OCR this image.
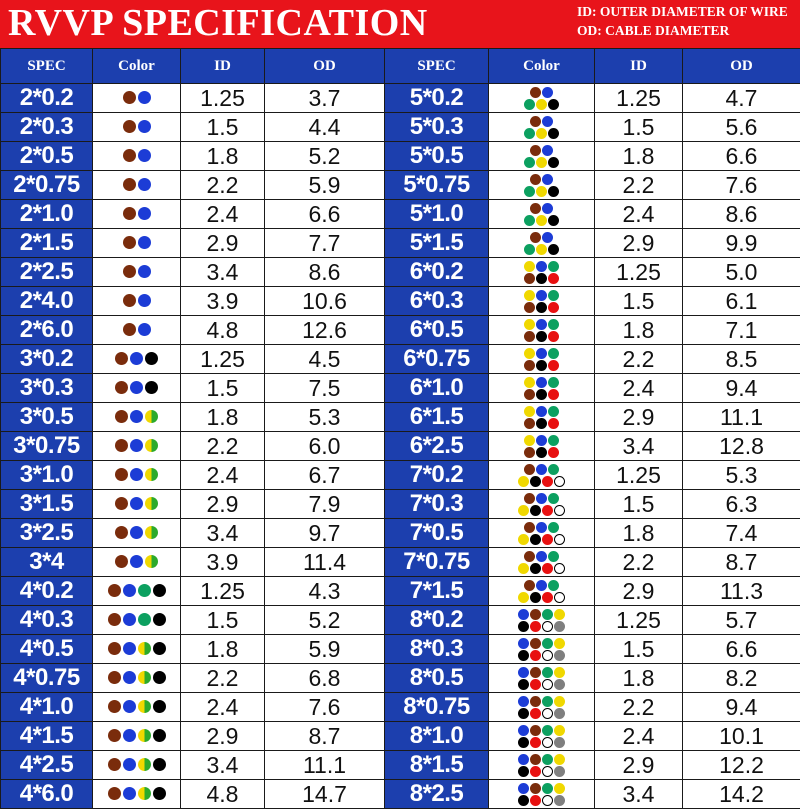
RVVP SPECIFICATION	ID: OUTER DIAMETER OF WIRE
OD: CABLE DIAMETER
SPEC	Color	ID	OD	SPEC	Color	ID	OD
2*0.2		1.25	3.7	5*0.2		1.25	4.7
2*0.3		1.5	4.4	5*0.3		1.5	5.6
2*0.5		1.8	5.2	5*0.5		1.8	6.6
2*0.75		2.2	5.9	5*0.75		2.2	7.6
2*1.0		2.4	6.6	5*1.0		2.4	8.6
2*1.5		2.9	7.7	5*1.5		2.9	9.9
2*2.5		3.4	8.6	6*0.2		1.25	5.0
2*4.0		3.9	10.6	6*0.3		1.5	6.1
2*6.0		4.8	12.6	6*0.5		1.8	7.1
3*0.2		1.25	4.5	6*0.75		2.2	8.5
3*0.3		1.5	7.5	6*1.0		2.4	9.4
3*0.5		1.8	5.3	6*1.5		2.9	11.1
3*0.75		2.2	6.0	6*2.5		3.4	12.8
3*1.0		2.4	6.7	7*0.2		1.25	5.3
3*1.5		2.9	7.9	7*0.3		1.5	6.3
3*2.5		3.4	9.7	7*0.5		1.8	7.4
3*4		3.9	11.4	7*0.75		2.2	8.7
4*0.2		1.25	4.3	7*1.5		2.9	11.3
4*0.3		1.5	5.2	8*0.2		1.25	5.7
4*0.5		1.8	5.9	8*0.3		1.5	6.6
4*0.75		2.2	6.8	8*0.5		1.8	8.2
4*1.0		2.4	7.6	8*0.75		2.2	9.4
4*1.5		2.9	8.7	8*1.0		2.4	10.1
4*2.5		3.4	11.1	8*1.5		2.9	12.2
4*6.0		4.8	14.7	8*2.5		3.4	14.2
